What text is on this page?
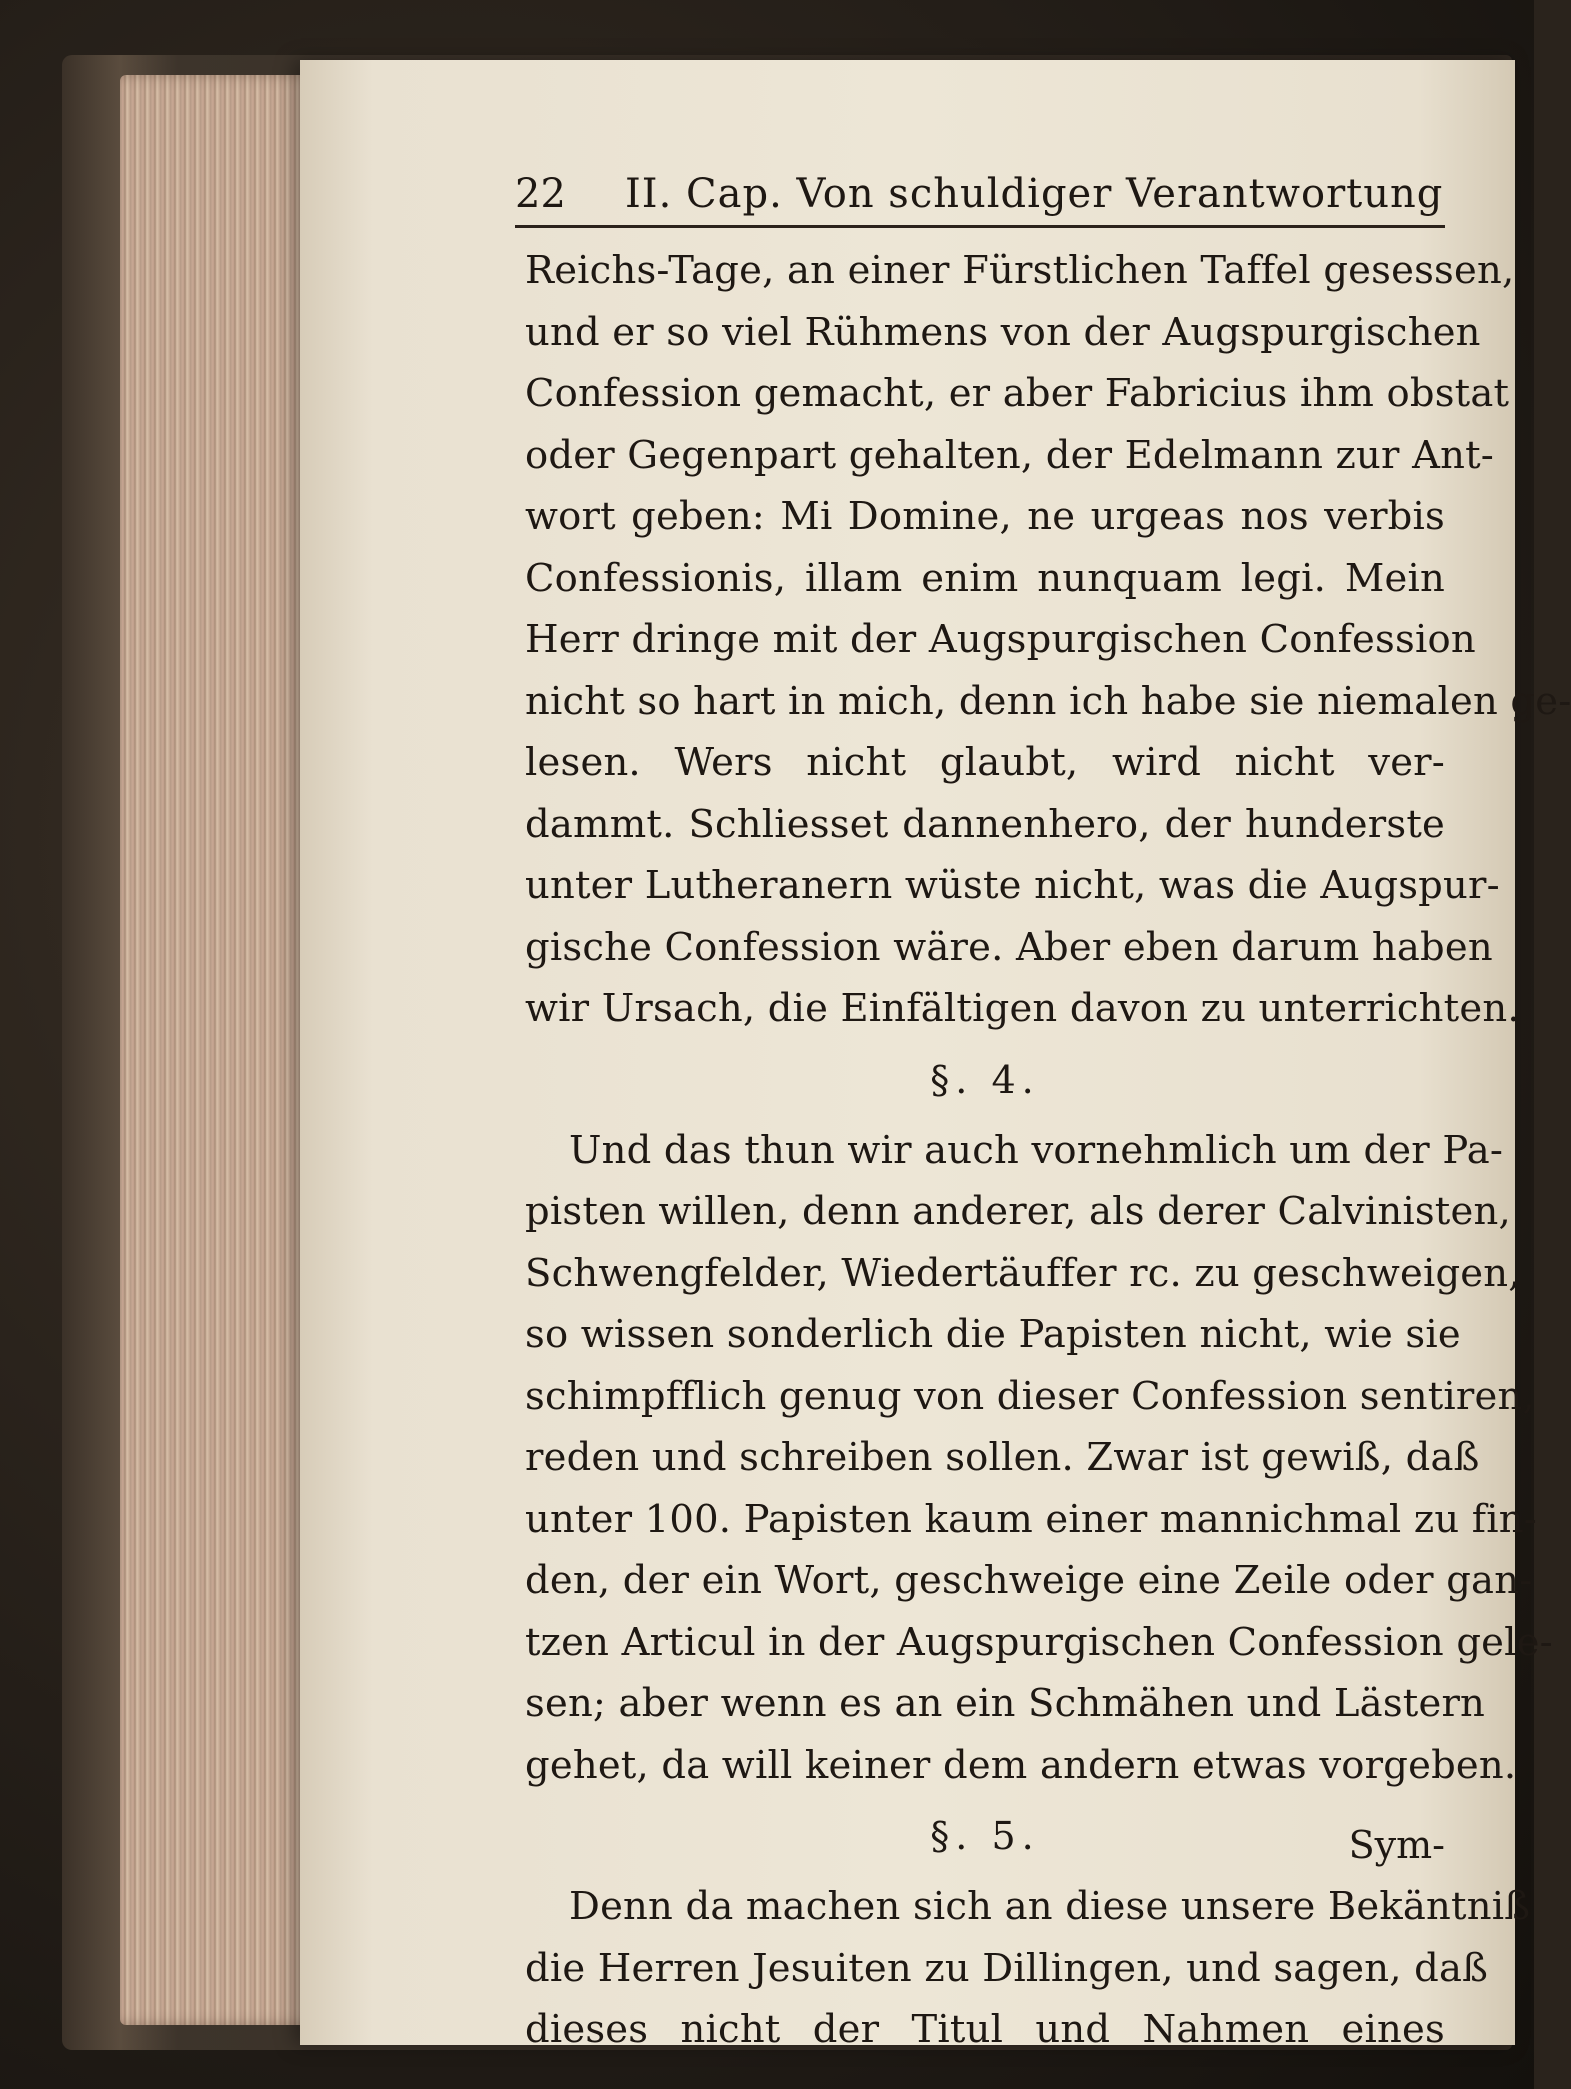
22 II. Cap. Von schuldiger Verantwortung
Reichs-Tage, an einer Fürstlichen Taffel gesessen,
und er so viel Rühmens von der Augspurgischen
Confession gemacht, er aber Fabricius ihm obstat
oder Gegenpart gehalten, der Edelmann zur Ant-
wort geben: Mi Domine, ne urgeas nos verbis
Confessionis, illam enim nunquam legi. Mein
Herr dringe mit der Augspurgischen Confession
nicht so hart in mich, denn ich habe sie niemalen ge-
lesen. Wers nicht glaubt, wird nicht ver-
dammt. Schliesset dannenhero, der hunderste
unter Lutheranern wüste nicht, was die Augspur-
gische Confession wäre. Aber eben darum haben
wir Ursach, die Einfältigen davon zu unterrichten.
§. 4.
Und das thun wir auch vornehmlich um der Pa-
pisten willen, denn anderer, als derer Calvinisten,
Schwengfelder, Wiedertäuffer rc. zu geschweigen,
so wissen sonderlich die Papisten nicht, wie sie
schimpfflich genug von dieser Confession sentiren,
reden und schreiben sollen. Zwar ist gewiß, daß
unter 100. Papisten kaum einer mannichmal zu fin-
den, der ein Wort, geschweige eine Zeile oder gan-
tzen Articul in der Augspurgischen Confession gele-
sen; aber wenn es an ein Schmähen und Lästern
gehet, da will keiner dem andern etwas vorgeben.
§. 5.
Denn da machen sich an diese unsere Bekäntniß
die Herren Jesuiten zu Dillingen, und sagen, daß
dieses nicht der Titul und Nahmen eines
Sym-
